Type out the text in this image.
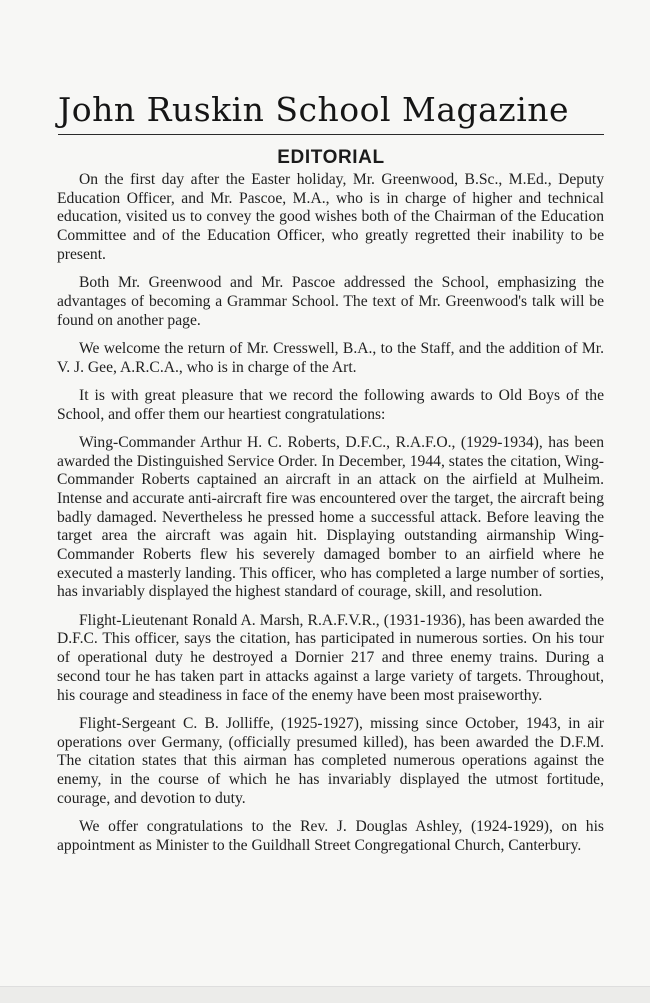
John Ruskin School Magazine
EDITORIAL

On the first day after the Easter holiday, Mr. Greenwood, B.Sc., M.Ed., Deputy Education Officer, and Mr. Pascoe, M.A., who is in charge of higher and technical education, visited us to convey the good wishes both of the Chairman of the Education Committee and of the Education Officer, who greatly regretted their inability to be present.

Both Mr. Greenwood and Mr. Pascoe addressed the School, emphasizing the advantages of becoming a Grammar School. The text of Mr. Greenwood's talk will be found on another page.

We welcome the return of Mr. Cresswell, B.A., to the Staff, and the addition of Mr. V. J. Gee, A.R.C.A., who is in charge of the Art.

It is with great pleasure that we record the following awards to Old Boys of the School, and offer them our heartiest congratulations:

Wing-Commander Arthur H. C. Roberts, D.F.C., R.A.F.O., (1929-1934), has been awarded the Distinguished Service Order. In December, 1944, states the citation, Wing-Commander Roberts captained an aircraft in an attack on the airfield at Mulheim. Intense and accurate anti-aircraft fire was encountered over the target, the aircraft being badly damaged. Nevertheless he pressed home a successful attack. Before leaving the target area the aircraft was again hit. Displaying outstanding airmanship Wing-Commander Roberts flew his severely damaged bomber to an airfield where he executed a masterly landing. This officer, who has completed a large number of sorties, has invariably displayed the highest standard of courage, skill, and resolution.

Flight-Lieutenant Ronald A. Marsh, R.A.F.V.R., (1931-1936), has been awarded the D.F.C. This officer, says the citation, has participated in numerous sorties. On his tour of operational duty he destroyed a Dornier 217 and three enemy trains. During a second tour he has taken part in attacks against a large variety of targets. Throughout, his courage and steadiness in face of the enemy have been most praiseworthy.

Flight-Sergeant C. B. Jolliffe, (1925-1927), missing since October, 1943, in air operations over Germany, (officially presumed killed), has been awarded the D.F.M. The citation states that this airman has completed numerous operations against the enemy, in the course of which he has invariably displayed the utmost fortitude, courage, and devotion to duty.

We offer congratulations to the Rev. J. Douglas Ashley, (1924-1929), on his appointment as Minister to the Guildhall Street Congregational Church, Canterbury.
